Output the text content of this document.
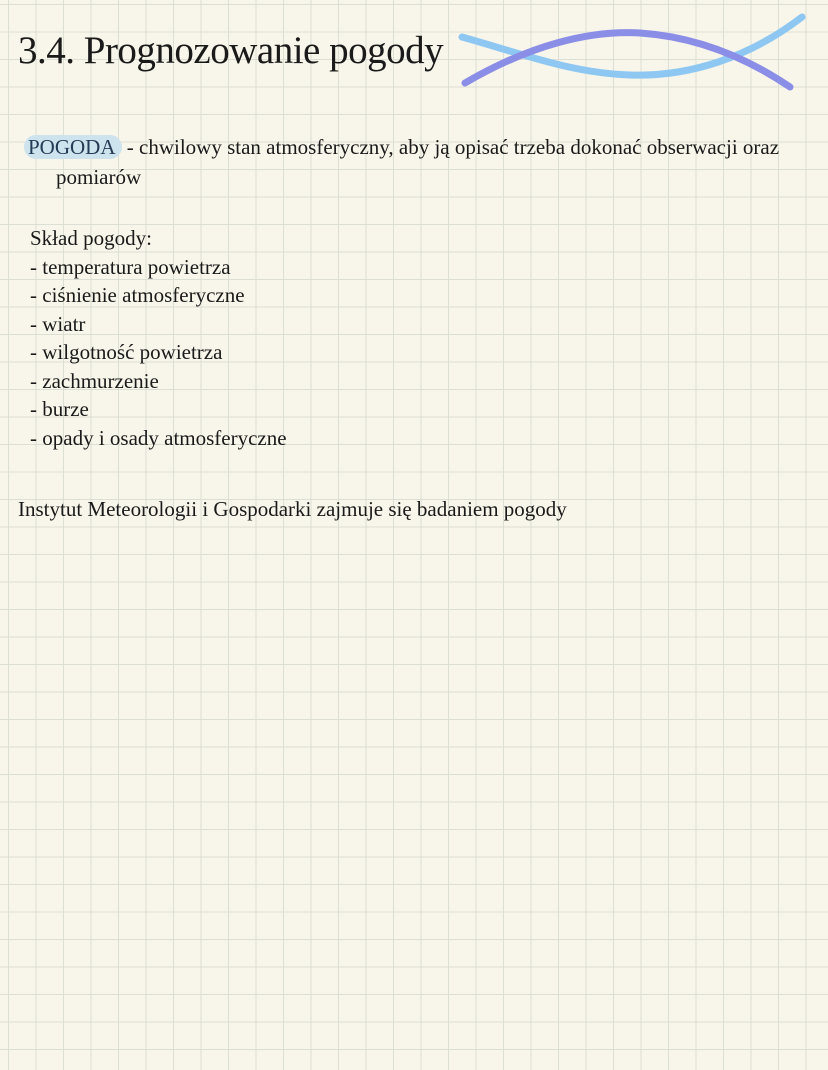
3.4. Prognozowanie pogody

POGODA - chwilowy stan atmosferyczny, aby ją opisać trzeba dokonać obserwacji oraz
pomiarów

Skład pogody:
- temperatura powietrza
- ciśnienie atmosferyczne
- wiatr
- wilgotność powietrza
- zachmurzenie
- burze
- opady i osady atmosferyczne

Instytut Meteorologii i Gospodarki zajmuje się badaniem pogody
